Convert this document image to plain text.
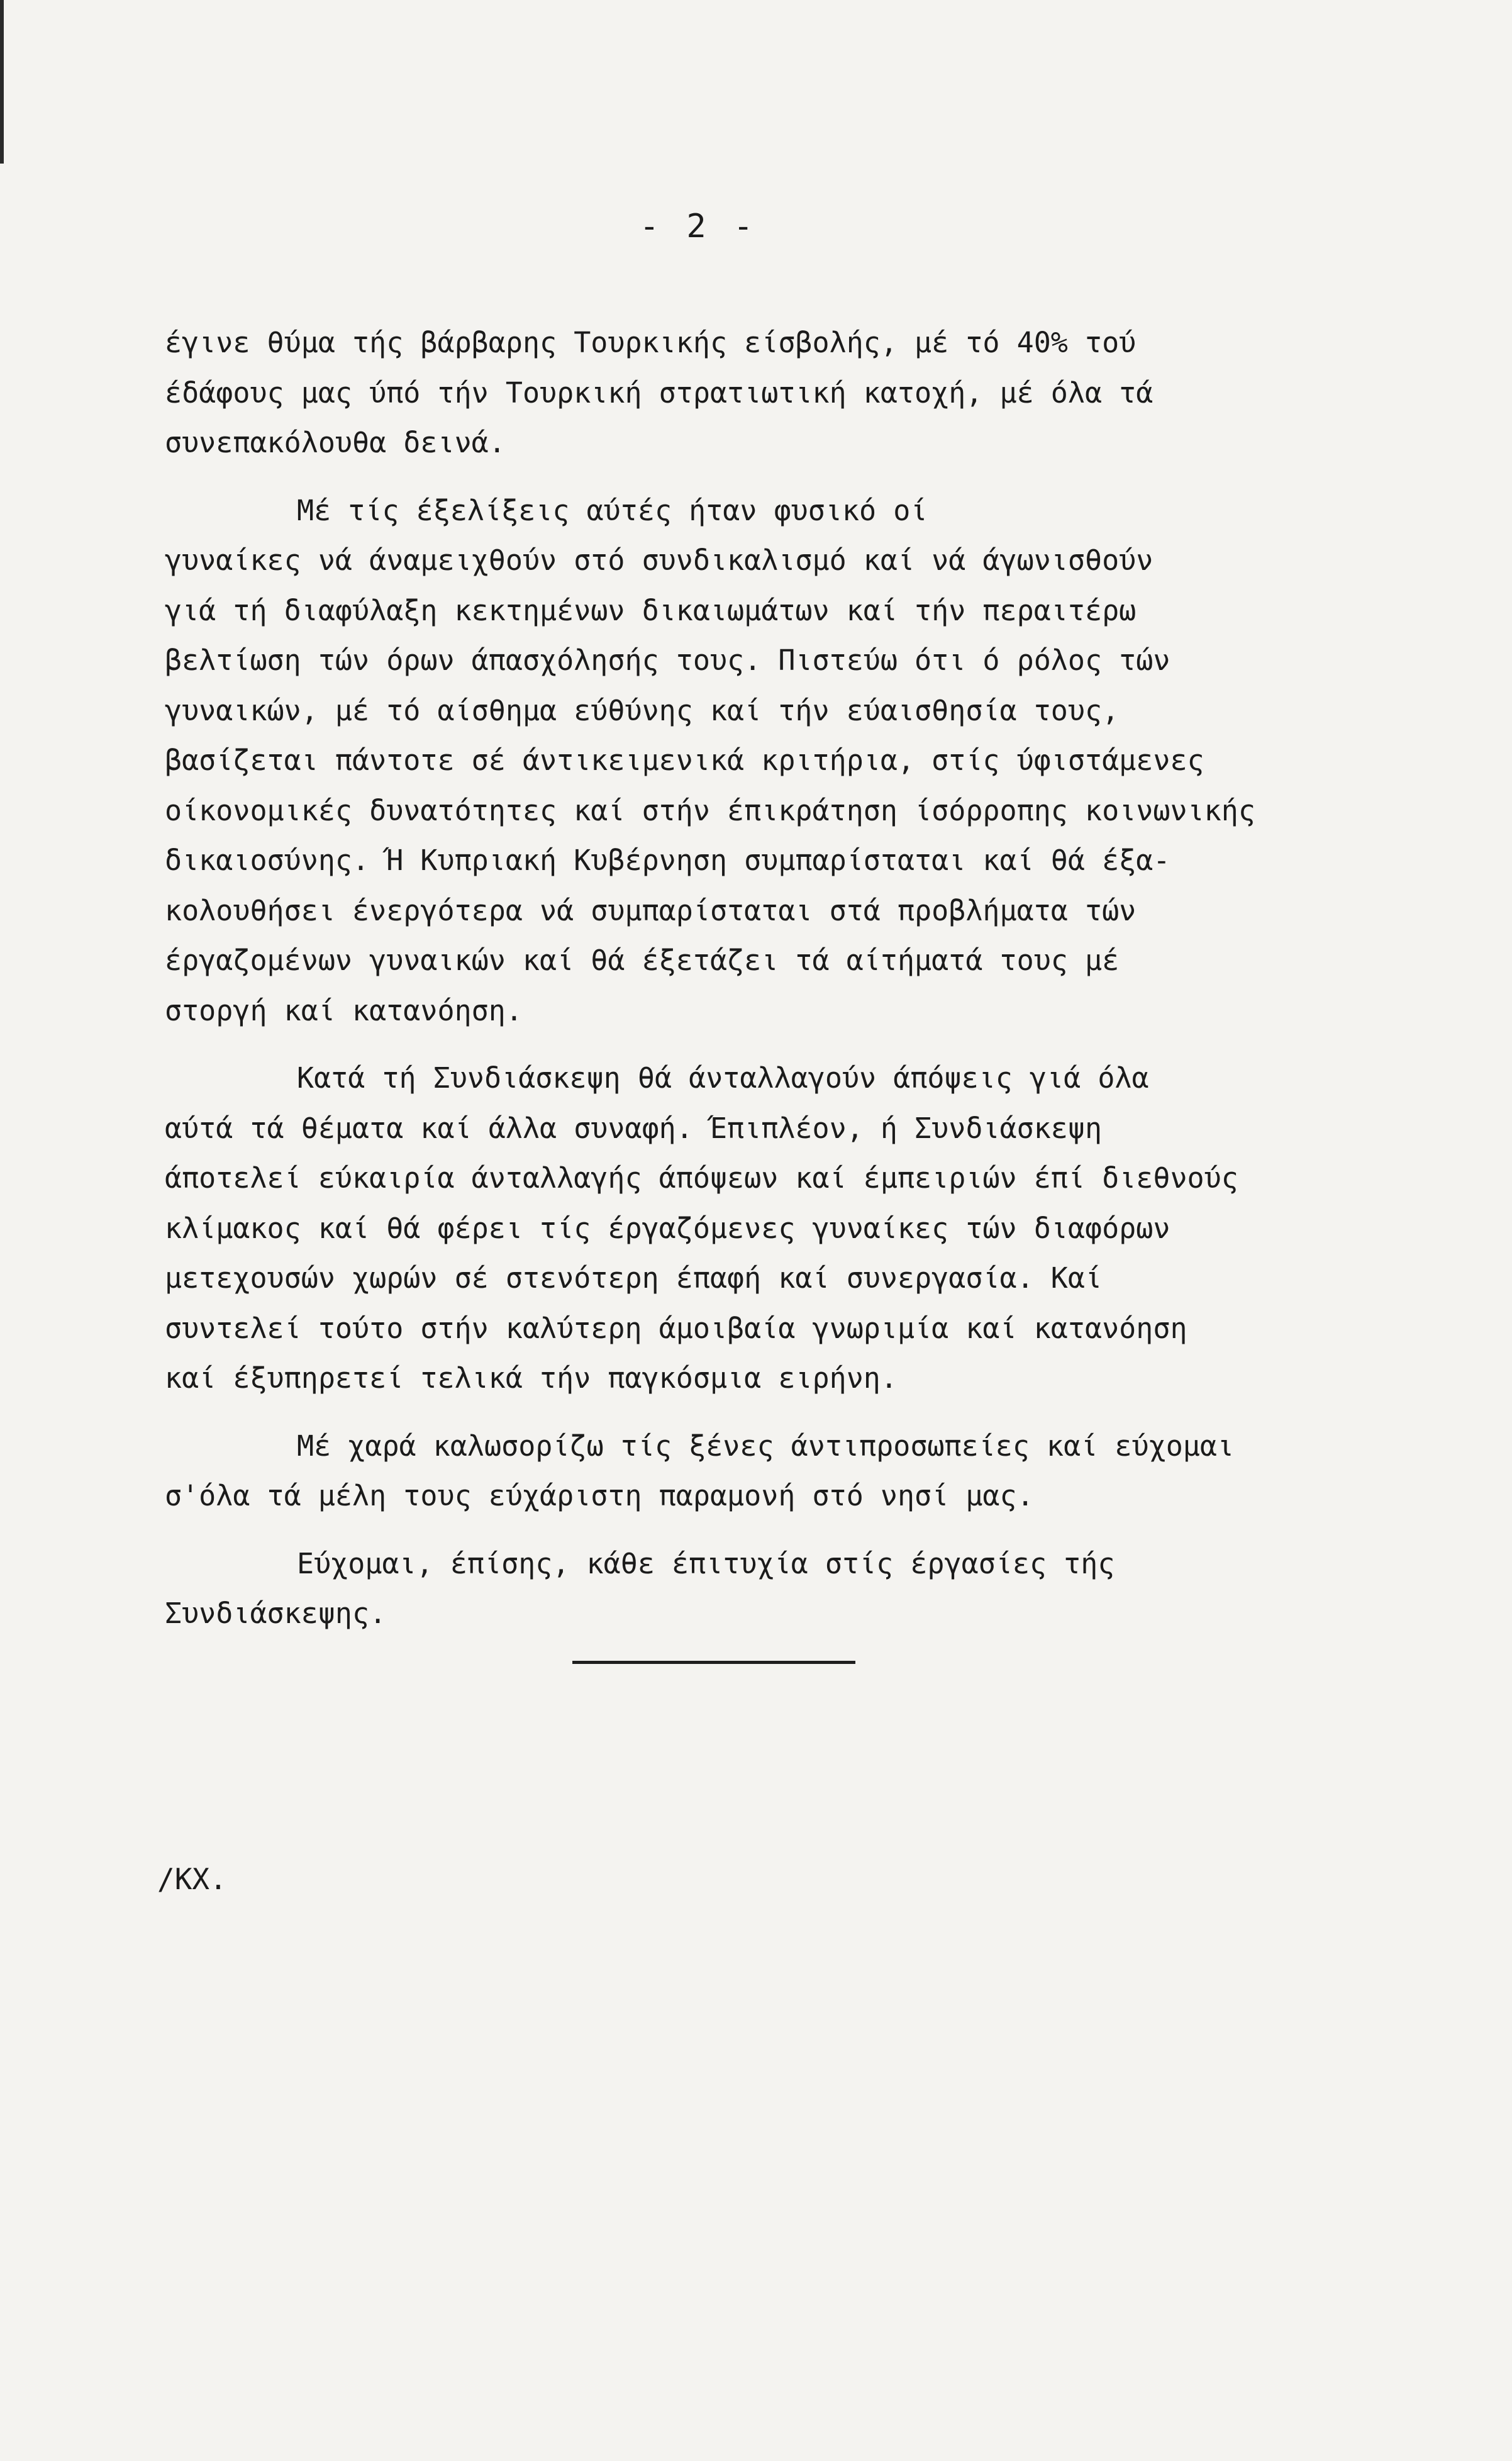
- 2 -

έγινε θύμα τής βάρβαρης Τουρκικής είσβολής, μέ τό 40% τού
έδάφους μας ύπό τήν Τουρκική στρατιωτική κατοχή, μέ όλα τά
συνεπακόλουθα δεινά.

Μέ τίς έξελίξεις αύτές ήταν φυσικό οί
γυναίκες νά άναμειχθούν στό συνδικαλισμό καί νά άγωνισθούν
γιά τή διαφύλαξη κεκτημένων δικαιωμάτων καί τήν περαιτέρω
βελτίωση τών όρων άπασχόλησής τους. Πιστεύω ότι ό ρόλος τών
γυναικών, μέ τό αίσθημα εύθύνης καί τήν εύαισθησία τους,
βασίζεται πάντοτε σέ άντικειμενικά κριτήρια, στίς ύφιστάμενες
οίκονομικές δυνατότητες καί στήν έπικράτηση ίσόρροπης κοινωνικής
δικαιοσύνης. Ή Κυπριακή Κυβέρνηση συμπαρίσταται καί θά έξα-
κολουθήσει ένεργότερα νά συμπαρίσταται στά προβλήματα τών
έργαζομένων γυναικών καί θά έξετάζει τά αίτήματά τους μέ
στοργή καί κατανόηση.

Κατά τή Συνδιάσκεψη θά άνταλλαγούν άπόψεις γιά όλα
αύτά τά θέματα καί άλλα συναφή. Έπιπλέον, ή Συνδιάσκεψη
άποτελεί εύκαιρία άνταλλαγής άπόψεων καί έμπειριών έπί διεθνούς
κλίμακος καί θά φέρει τίς έργαζόμενες γυναίκες τών διαφόρων
μετεχουσών χωρών σέ στενότερη έπαφή καί συνεργασία. Καί
συντελεί τούτο στήν καλύτερη άμοιβαία γνωριμία καί κατανόηση
καί έξυπηρετεί τελικά τήν παγκόσμια ειρήνη.

Μέ χαρά καλωσορίζω τίς ξένες άντιπροσωπείες καί εύχομαι
σ'όλα τά μέλη τους εύχάριστη παραμονή στό νησί μας.

Εύχομαι, έπίσης, κάθε έπιτυχία στίς έργασίες τής
Συνδιάσκεψης.

/ΚΧ.
